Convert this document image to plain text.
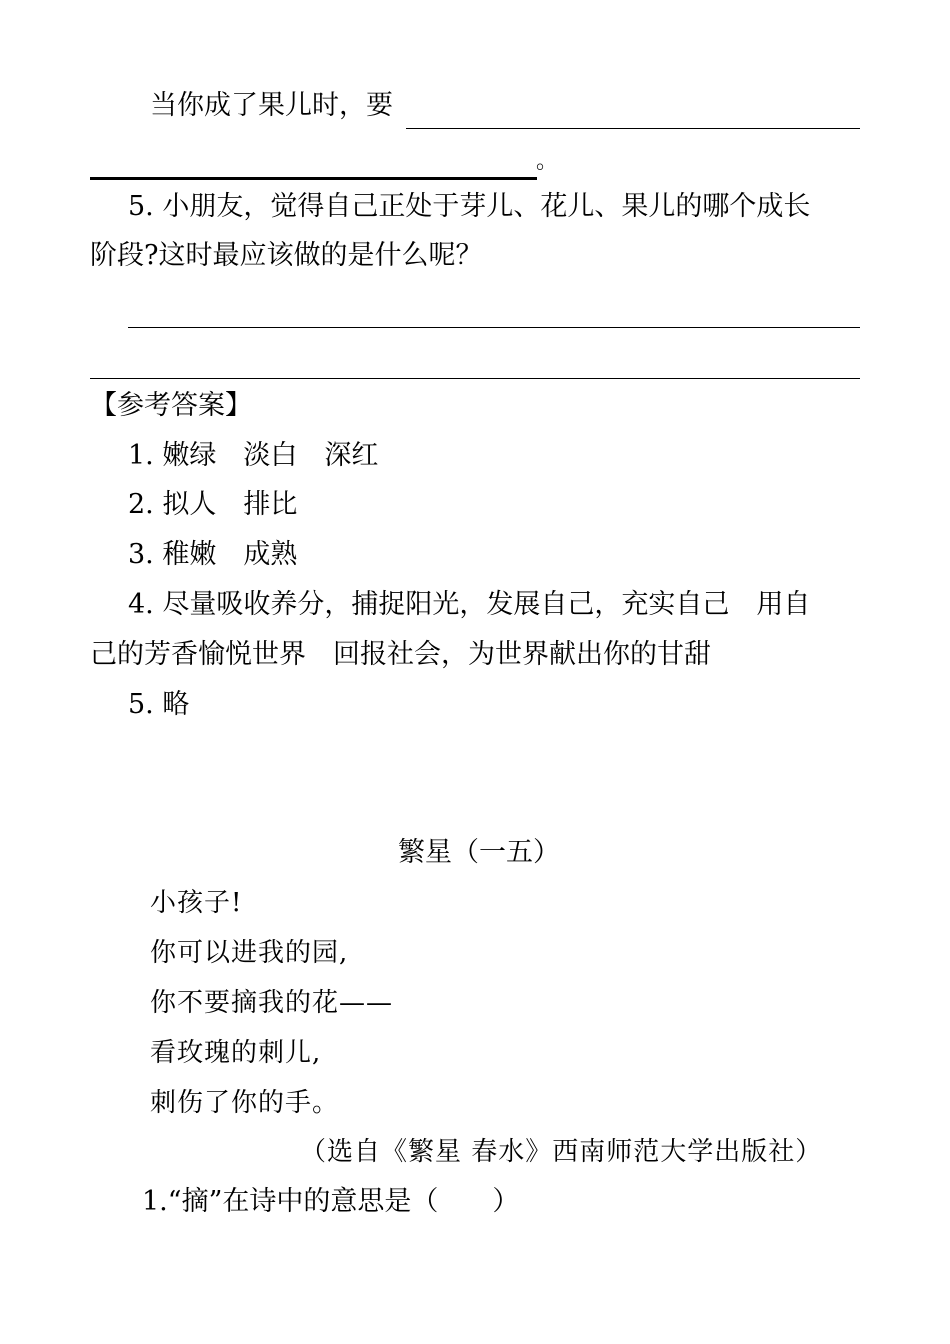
当你成了果儿时，要
。
5. 小朋友，觉得自己正处于芽儿、花儿、果儿的哪个成长
阶段?这时最应该做的是什么呢？
【参考答案】
1. 嫩绿　淡白　深红
2. 拟人　排比
3. 稚嫩　成熟
4. 尽量吸收养分，捕捉阳光，发展自己，充实自己　用自
己的芳香愉悦世界　回报社会，为世界献出你的甘甜
5. 略
繁星（一五）
小孩子!
你可以进我的园,
你不要摘我的花——
看玫瑰的刺儿,
刺伤了你的手。
（选自《繁星 春水》西南师范大学出版社）
1.“摘”在诗中的意思是（　　）
